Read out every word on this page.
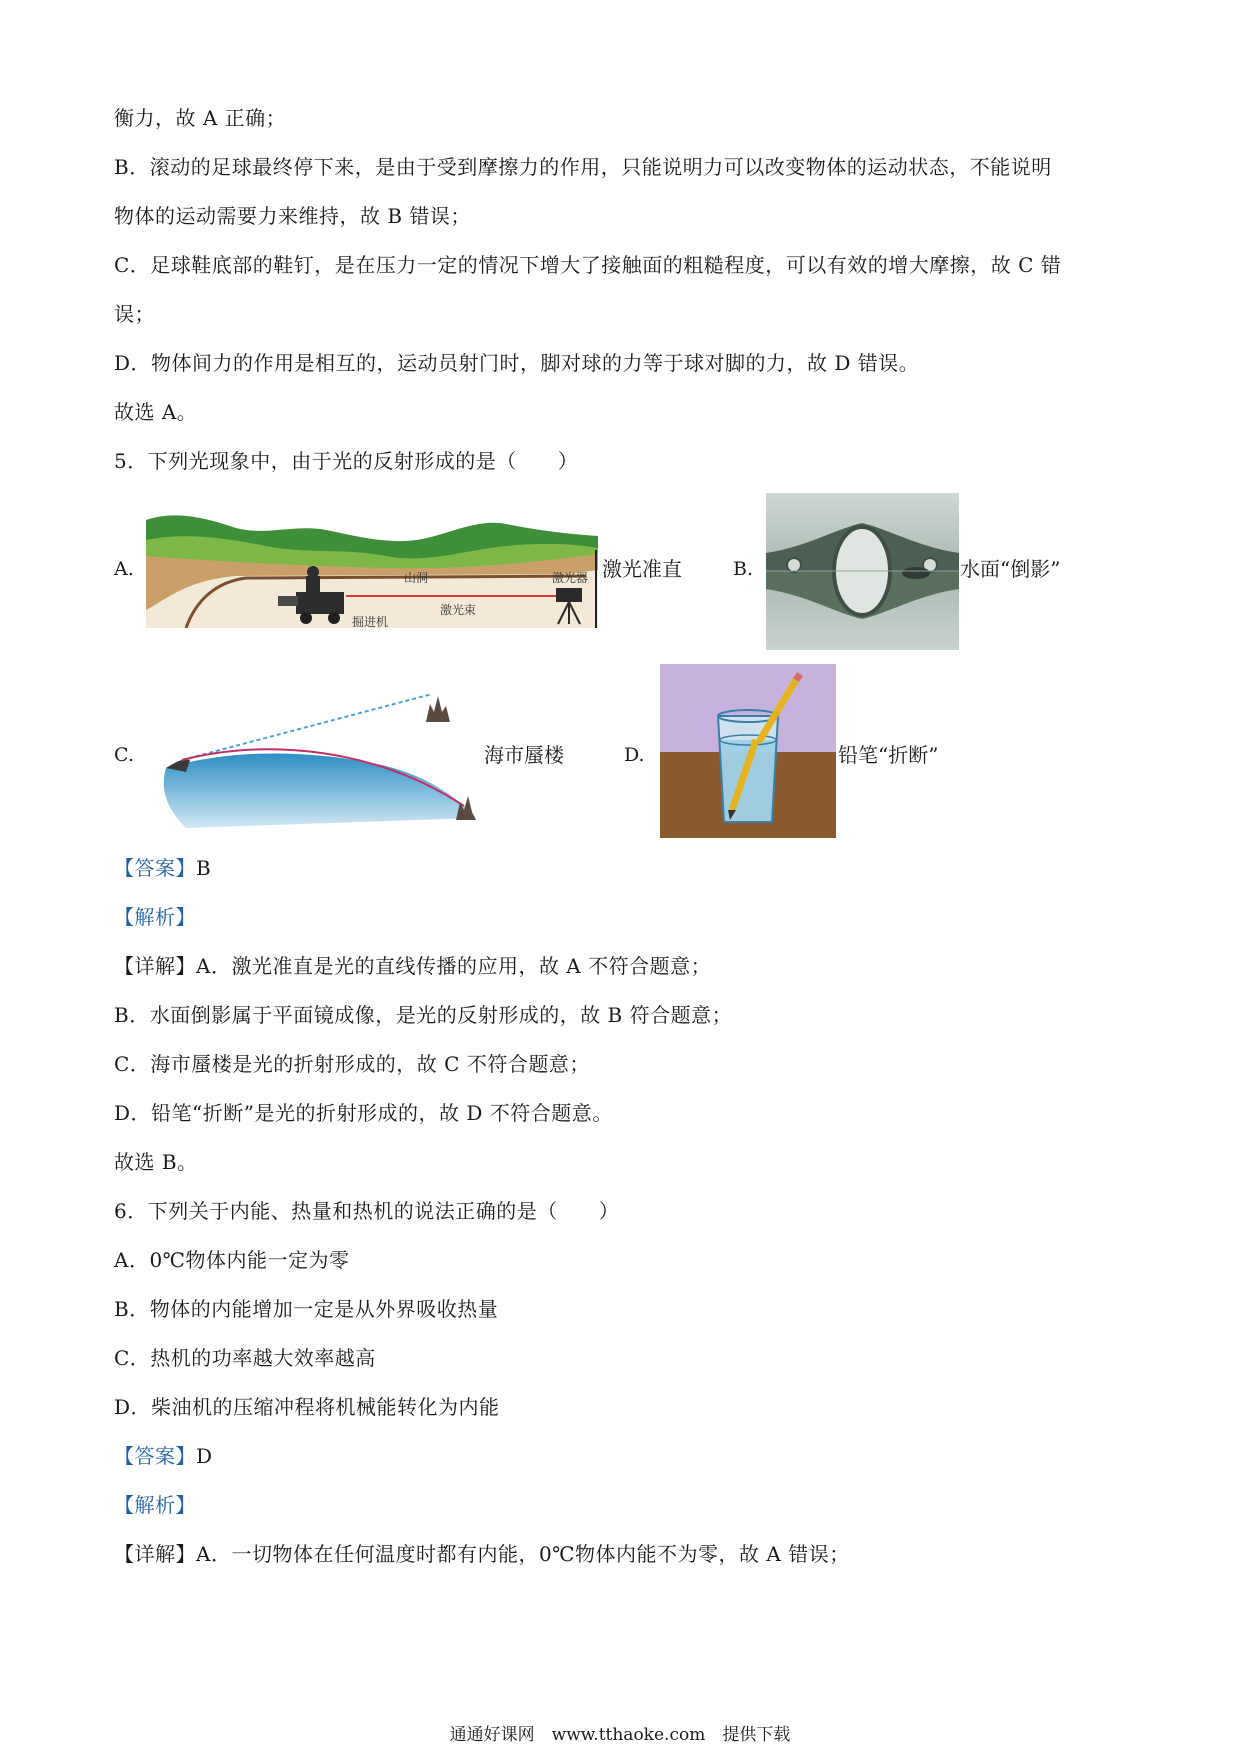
衡力，故 A 正确；
B．滚动的足球最终停下来，是由于受到摩擦力的作用，只能说明力可以改变物体的运动状态，不能说明
物体的运动需要力来维持，故 B 错误；
C．足球鞋底部的鞋钉，是在压力一定的情况下增大了接触面的粗糙程度，可以有效的增大摩擦，故 C 错
误；
D．物体间力的作用是相互的，运动员射门时，脚对球的力等于球对脚的力，故 D 错误。
故选 A。
5．下列光现象中，由于光的反射形成的是（　　）
A.	山洞	激光器
激光束
掘进机
激光准直	B.	水面“倒影”
C.	海市蜃楼	D.	铅笔“折断”
【答案】B
【解析】
【详解】A．激光准直是光的直线传播的应用，故 A 不符合题意；
B．水面倒影属于平面镜成像，是光的反射形成的，故 B 符合题意；
C．海市蜃楼是光的折射形成的，故 C 不符合题意；
D．铅笔“折断”是光的折射形成的，故 D 不符合题意。
故选 B。
6．下列关于内能、热量和热机的说法正确的是（　　）
A．0℃物体内能一定为零
B．物体的内能增加一定是从外界吸收热量
C．热机的功率越大效率越高
D．柴油机的压缩冲程将机械能转化为内能
【答案】D
【解析】
【详解】A．一切物体在任何温度时都有内能，0℃物体内能不为零，故 A 错误；
通通好课网　www.tthaoke.com　提供下载
